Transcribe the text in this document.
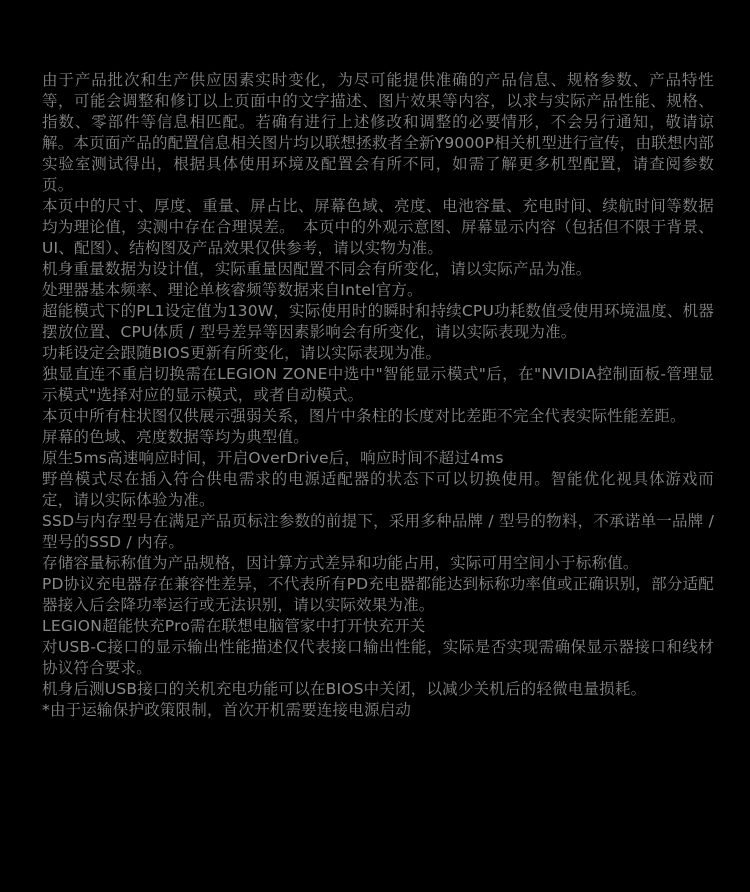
由于产品批次和生产供应因素实时变化，为尽可能提供准确的产品信息、规格参数、产品特性等，可能会调整和修订以上页面中的文字描述、图片效果等内容，以求与实际产品性能、规格、指数、零部件等信息相匹配。若确有进行上述修改和调整的必要情形，不会另行通知，敬请谅解。本页面产品的配置信息相关图片均以联想拯救者全新Y9000P相关机型进行宣传，由联想内部实验室测试得出，根据具体使用环境及配置会有所不同，如需了解更多机型配置，请查阅参数页。
本页中的尺寸、厚度、重量、屏占比、屏幕色域、亮度、电池容量、充电时间、续航时间等数据均为理论值，实测中存在合理误差。　本页中的外观示意图、屏幕显示内容（包括但不限于背景、UI、配图）、结构图及产品效果仅供参考，请以实物为准。
机身重量数据为设计值，实际重量因配置不同会有所变化，请以实际产品为准。
处理器基本频率、理论单核睿频等数据来自Intel官方。
超能模式下的PL1设定值为130W，实际使用时的瞬时和持续CPU功耗数值受使用环境温度、机器摆放位置、CPU体质 / 型号差异等因素影响会有所变化，请以实际表现为准。
功耗设定会跟随BIOS更新有所变化，请以实际表现为准。
独显直连不重启切换需在LEGION ZONE中选中"智能显示模式"后，在"NVIDIA控制面板-管理显示模式"选择对应的显示模式，或者自动模式。
本页中所有柱状图仅供展示强弱关系，图片中条柱的长度对比差距不完全代表实际性能差距。
屏幕的色域、亮度数据等均为典型值。
原生5ms高速响应时间，开启OverDrive后，响应时间不超过4ms
野兽模式尽在插入符合供电需求的电源适配器的状态下可以切换使用。智能优化视具体游戏而定，请以实际体验为准。
SSD与内存型号在满足产品页标注参数的前提下，采用多种品牌 / 型号的物料，不承诺单一品牌 / 型号的SSD / 内存。
存储容量标称值为产品规格，因计算方式差异和功能占用，实际可用空间小于标称值。
PD协议充电器存在兼容性差异，不代表所有PD充电器都能达到标称功率值或正确识别，部分适配器接入后会降功率运行或无法识别，请以实际效果为准。
LEGION超能快充Pro需在联想电脑管家中打开快充开关
对USB-C接口的显示输出性能描述仅代表接口输出性能，实际是否实现需确保显示器接口和线材协议符合要求。
机身后测USB接口的关机充电功能可以在BIOS中关闭，以减少关机后的轻微电量损耗。
*由于运输保护政策限制，首次开机需要连接电源启动
